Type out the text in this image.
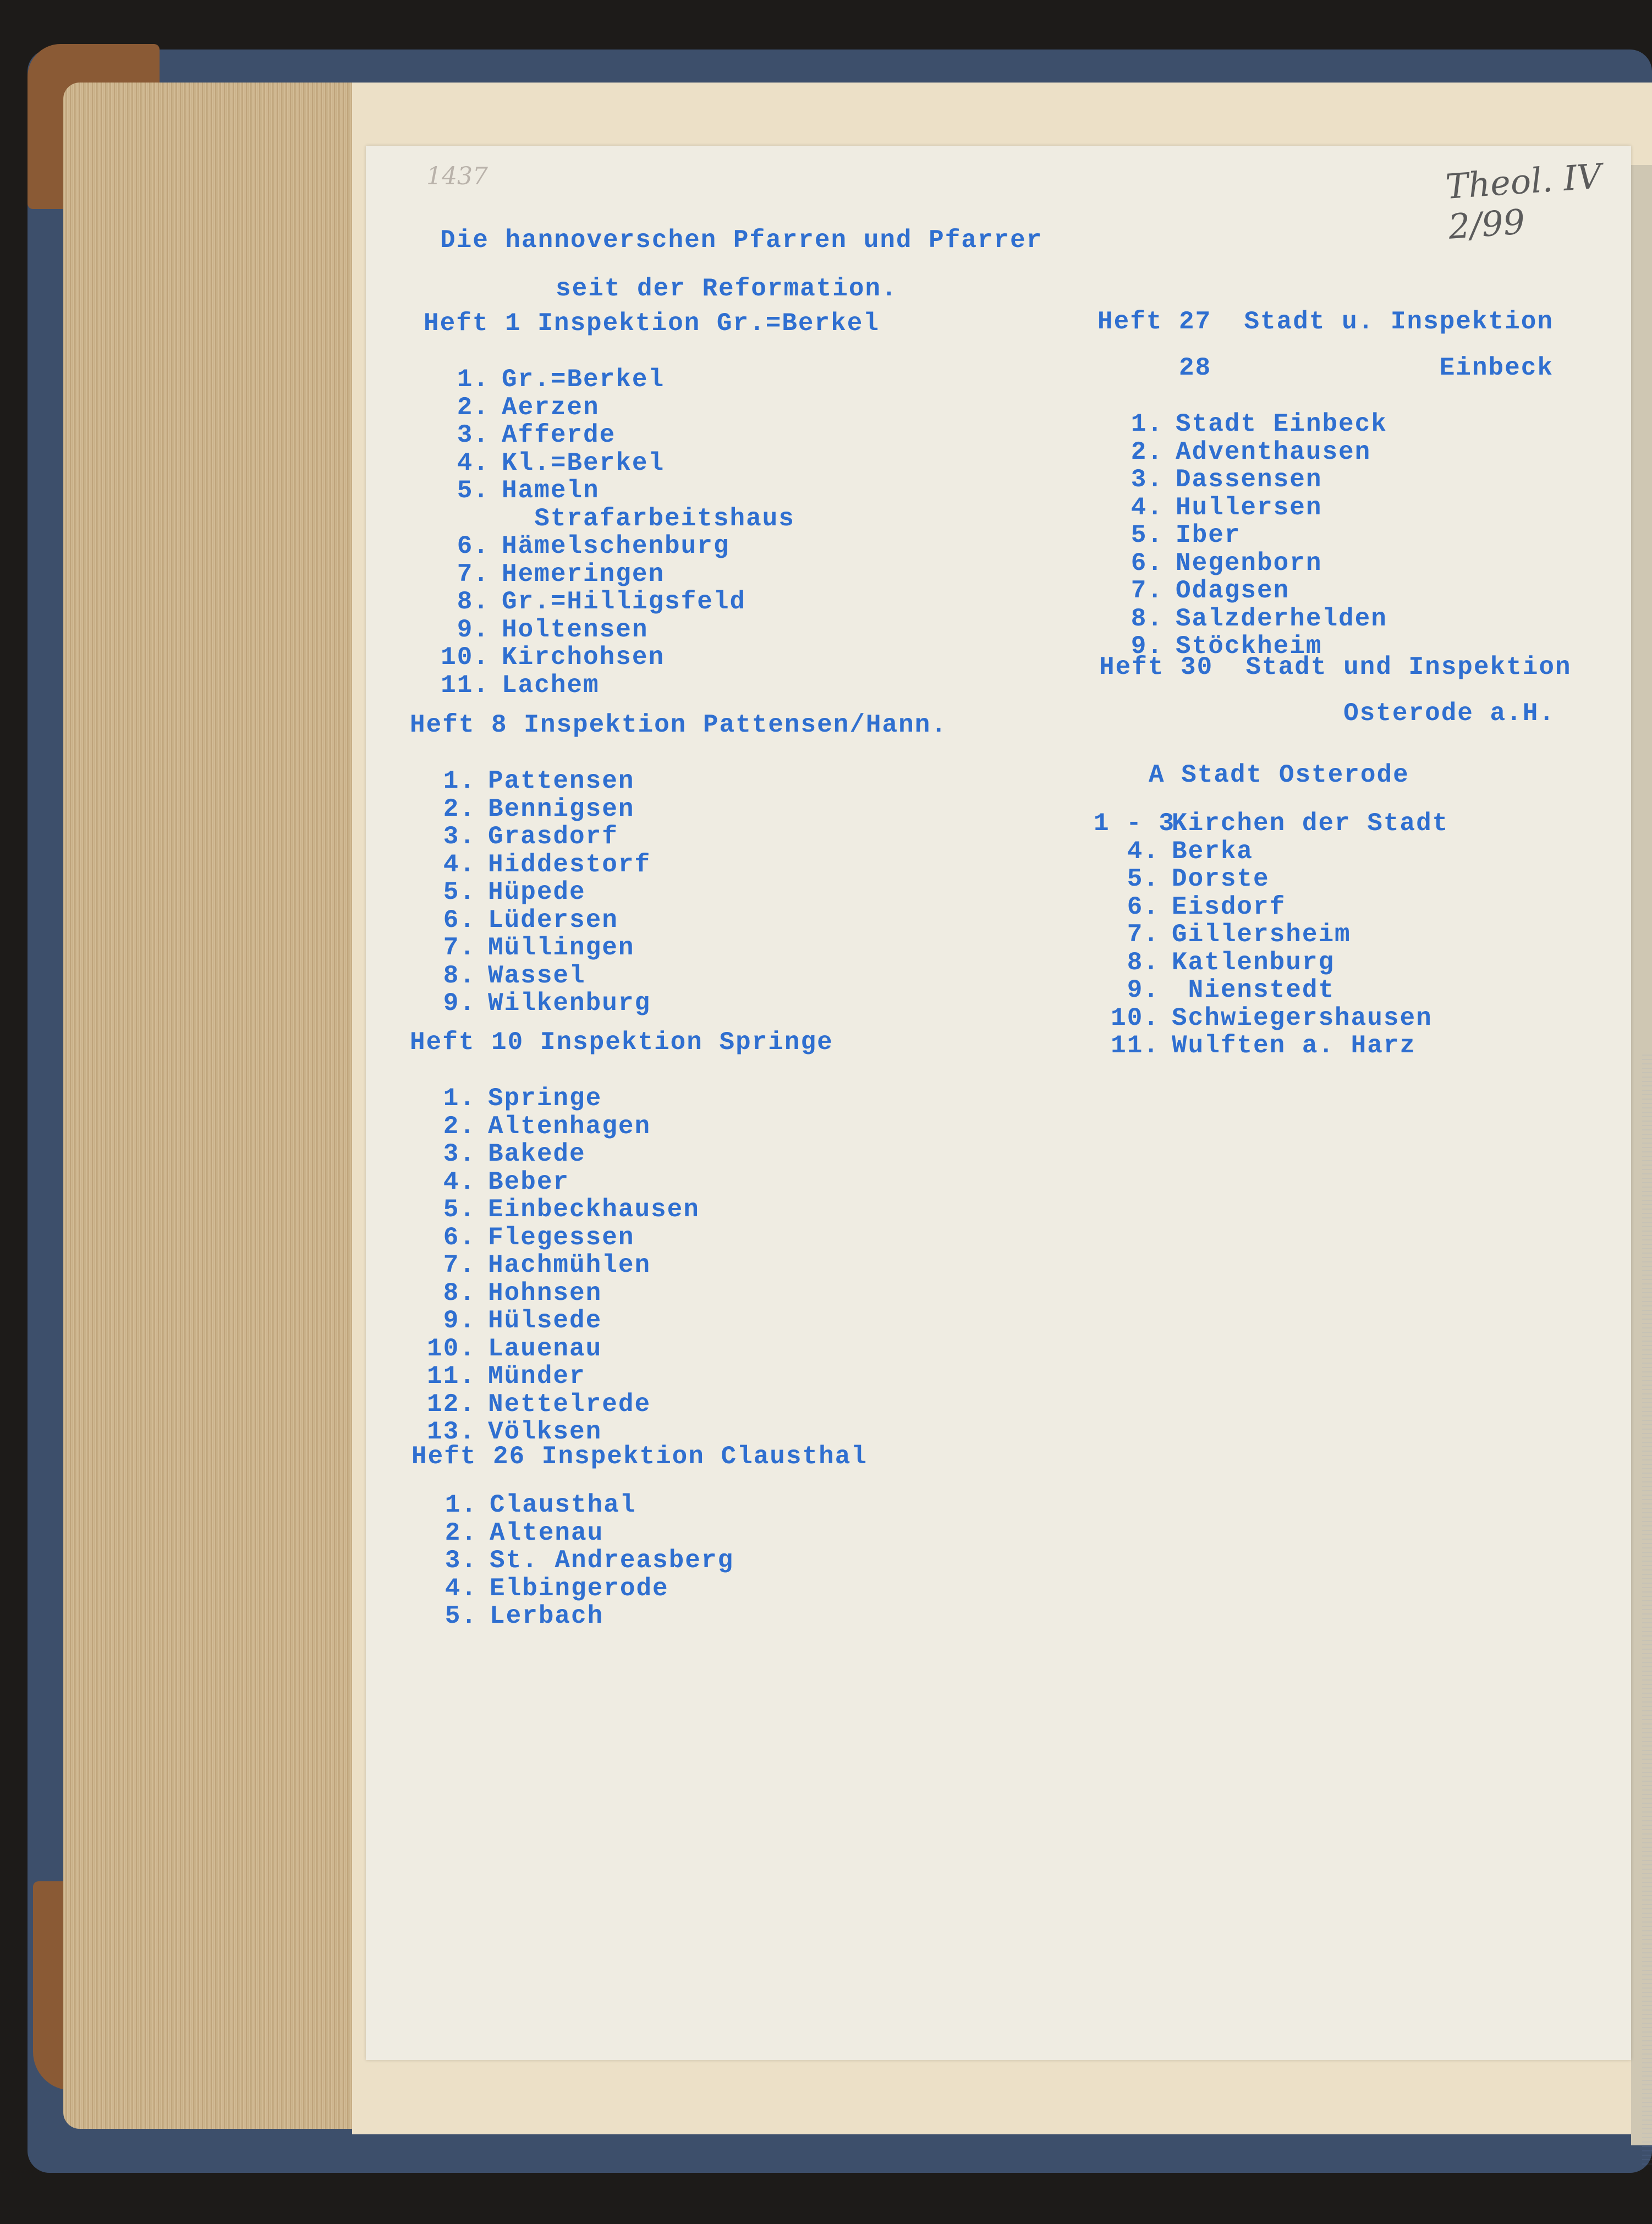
1437	Theol. IV 2/99

Die hannoverschen Pfarren und Pfarrer

seit der Reformation.

Heft 1 Inspektion Gr.=Berkel

1. Gr.=Berkel
2. Aerzen
3. Afferde
4. Kl.=Berkel
5. Hameln
Strafarbeitshaus
6. Hämelschenburg
7. Hemeringen
8. Gr.=Hilligsfeld
9. Holtensen
10. Kirchohsen
11. Lachem

Heft 8 Inspektion Pattensen/Hann.

1. Pattensen
2. Bennigsen
3. Grasdorf
4. Hiddestorf
5. Hüpede
6. Lüdersen
7. Müllingen
8. Wassel
9. Wilkenburg

Heft 10 Inspektion Springe

1. Springe
2. Altenhagen
3. Bakede
4. Beber
5. Einbeckhausen
6. Flegessen
7. Hachmühlen
8. Hohnsen
9. Hülsede
10. Lauenau
11. Münder
12. Nettelrede
13. Völksen

Heft 26 Inspektion Clausthal

1. Clausthal
2. Altenau
3. St. Andreasberg
4. Elbingerode
5. Lerbach

Heft 27  Stadt u. Inspektion

28              Einbeck

1. Stadt Einbeck
2. Adventhausen
3. Dassensen
4. Hullersen
5. Iber
6. Negenborn
7. Odagsen
8. Salzderhelden
9. Stöckheim

Heft 30  Stadt und Inspektion

Osterode a.H.

A Stadt Osterode

1 - 3Kirchen der Stadt
4. Berka
5. Dorste
6. Eisdorf
7. Gillersheim
8. Katlenburg
9. Nienstedt
10. Schwiegershausen
11. Wulften a. Harz
